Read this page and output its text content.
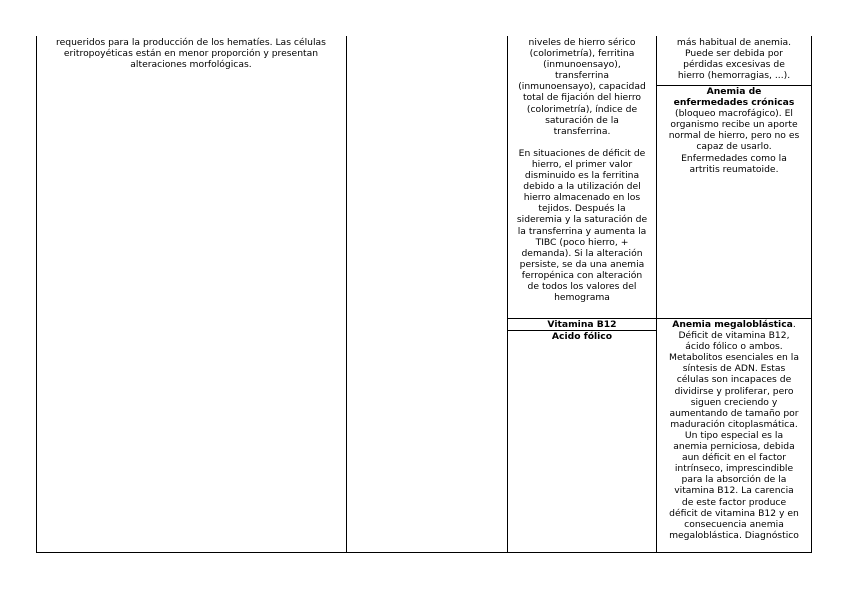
requeridos para la producción de los hematíes. Las células

eritropoyéticas están en menor proporción y presentan

alteraciones morfológicas.

niveles de hierro sérico

(colorimetría), ferritina

(inmunoensayo),

transferrina

(inmunoensayo), capacidad

total de fijación del hierro

(colorimetría), índice de

saturación de la

transferrina.

En situaciones de déficit de

hierro, el primer valor

disminuido es la ferritina

debido a la utilización del

hierro almacenado en los

tejidos. Después la

sideremia y la saturación de

la transferrina y aumenta la

TIBC (poco hierro, +

demanda). Si la alteración

persiste, se da una anemia

ferropénica con alteración

de todos los valores del

hemograma

Vitamina B12
Acido fólico

más habitual de anemia.

Puede ser debida por

pérdidas excesivas de

hierro (hemorragias, ...).

Anemia de

enfermedades crónicas

(bloqueo macrofágico). El

organismo recibe un aporte

normal de hierro, pero no es

capaz de usarlo.

Enfermedades como la

artritis reumatoide.

Anemia megaloblástica.

Déficit de vitamina B12,

ácido fólico o ambos.

Metabolitos esenciales en la

síntesis de ADN. Estas

células son incapaces de

dividirse y proliferar, pero

siguen creciendo y

aumentando de tamaño por

maduración citoplasmática.

Un tipo especial es la

anemia perniciosa, debida

aun déficit en el factor

intrínseco, imprescindible

para la absorción de la

vitamina B12. La carencia

de este factor produce

déficit de vitamina B12 y en

consecuencia anemia

megaloblástica. Diagnóstico
